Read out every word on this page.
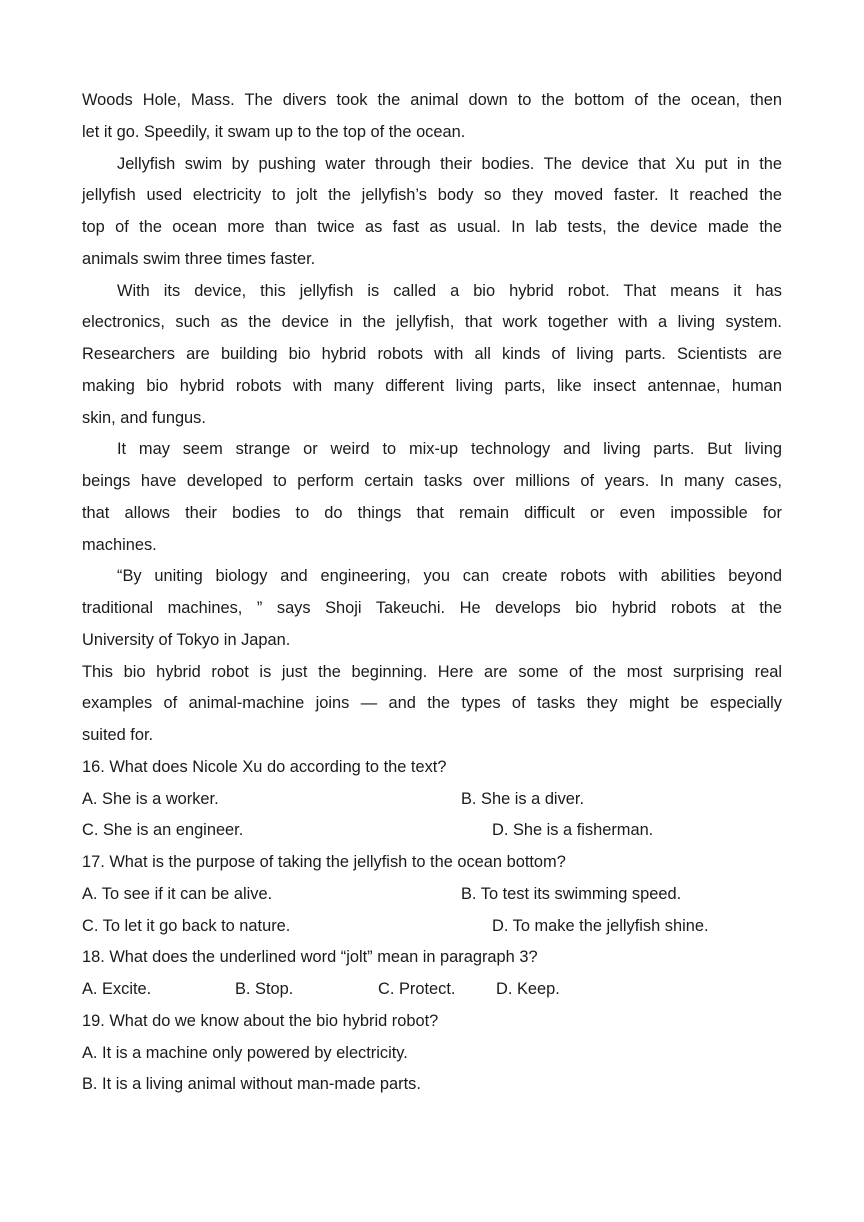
Woods Hole, Mass. The divers took the animal down to the bottom of the ocean, then
let it go. Speedily, it swam up to the top of the ocean.
Jellyfish swim by pushing water through their bodies. The device that Xu put in the
jellyfish used electricity to jolt the jellyfish’s body so they moved faster. It reached the
top of the ocean more than twice as fast as usual. In lab tests, the device made the
animals swim three times faster.
With its device, this jellyfish is called a bio hybrid robot. That means it has
electronics, such as the device in the jellyfish, that work together with a living system.
Researchers are building bio hybrid robots with all kinds of living parts. Scientists are
making bio hybrid robots with many different living parts, like insect antennae, human
skin, and fungus.
It may seem strange or weird to mix-up technology and living parts. But living
beings have developed to perform certain tasks over millions of years. In many cases,
that allows their bodies to do things that remain difficult or even impossible for
machines.
“By uniting biology and engineering, you can create robots with abilities beyond
traditional machines, ” says Shoji Takeuchi. He develops bio hybrid robots at the
University of Tokyo in Japan.
This bio hybrid robot is just the beginning. Here are some of the most surprising real
examples of animal-machine joins — and the types of tasks they might be especially
suited for.
16. What does Nicole Xu do according to the text?
A. She is a worker.	B. She is a diver.
C. She is an engineer.	D. She is a fisherman.
17. What is the purpose of taking the jellyfish to the ocean bottom?
A. To see if it can be alive.	B. To test its swimming speed.
C. To let it go back to nature.	D. To make the jellyfish shine.
18. What does the underlined word “jolt” mean in paragraph 3?
A. Excite.	B. Stop.	C. Protect. D. Keep.
19. What do we know about the bio hybrid robot?
A. It is a machine only powered by electricity.
B. It is a living animal without man-made parts.
